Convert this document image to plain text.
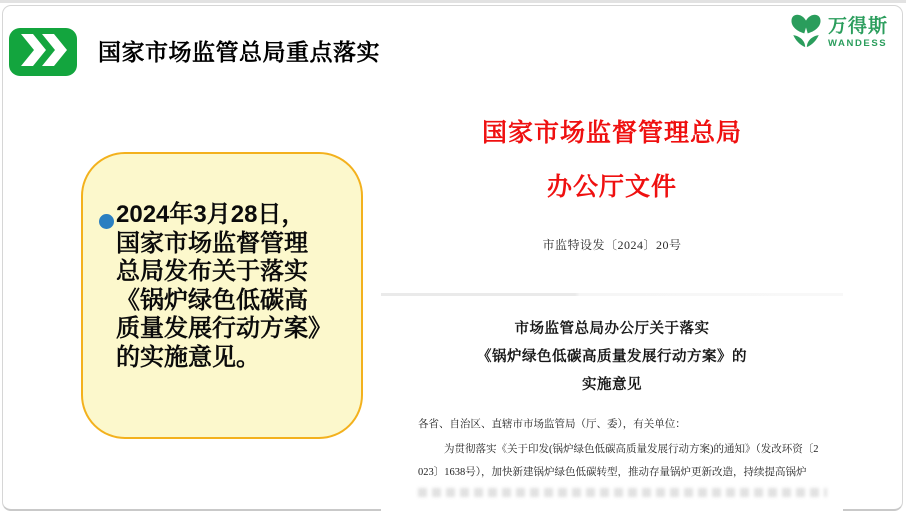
国家市场监管总局重点落实
万得斯
WANDESS
2024年3月28日，
国家市场监督管理
总局发布关于落实
《锅炉绿色低碳高
质量发展行动方案》
的实施意见。
国家市场监督管理总局
办公厅文件
市监特设发〔2024〕20号
市场监管总局办公厅关于落实
《锅炉绿色低碳高质量发展行动方案》的
实施意见
各省、自治区、直辖市市场监管局（厅、委），有关单位：
为贯彻落实《关于印发(锅炉绿色低碳高质量发展行动方案)的通知》（发改环资〔2
023〕1638号），加快新建锅炉绿色低碳转型，推动存量锅炉更新改造，持续提高锅炉
